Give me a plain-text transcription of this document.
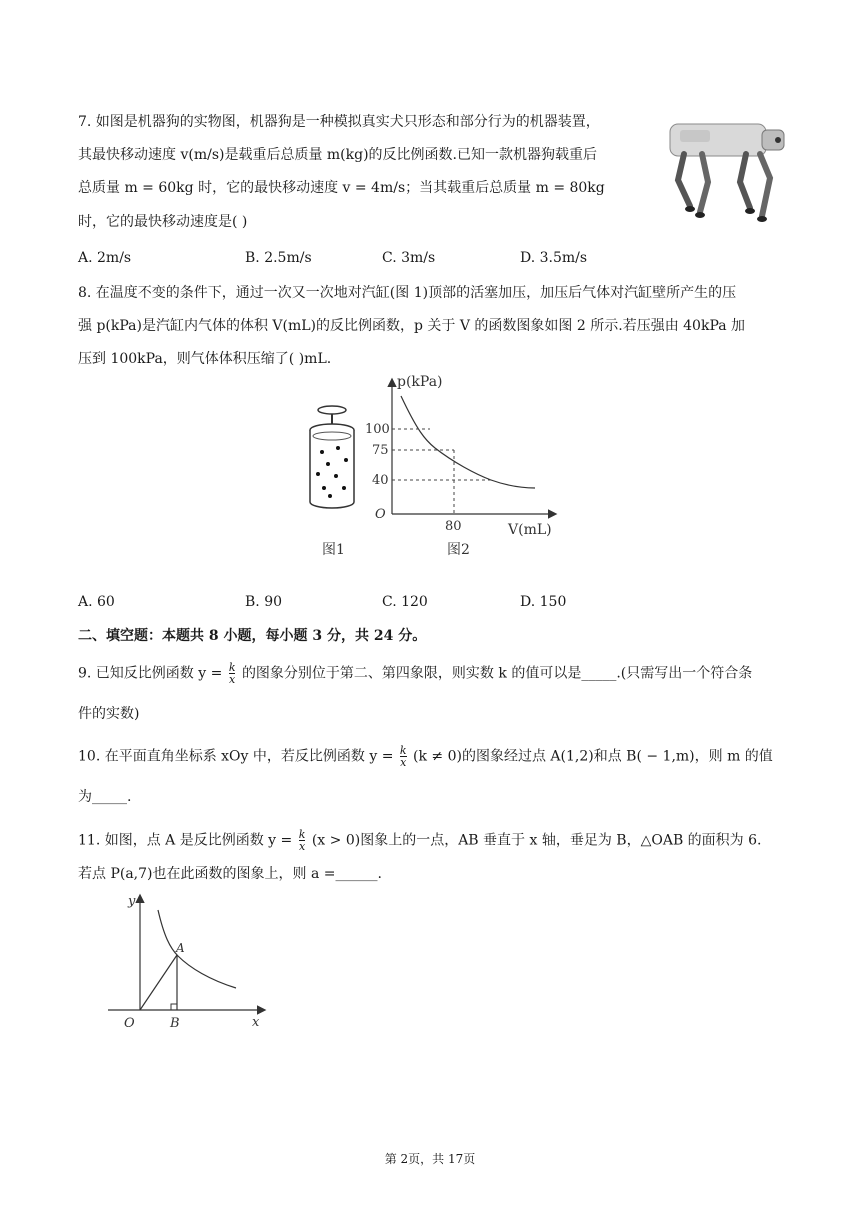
7. 如图是机器狗的实物图，机器狗是一种模拟真实犬只形态和部分行为的机器装置，
其最快移动速度 v(m/s)是载重后总质量 m(kg)的反比例函数.已知一款机器狗载重后
总质量 m = 60kg 时，它的最快移动速度 v = 4m/s；当其载重后总质量 m = 80kg
时，它的最快移动速度是( )
A. 2m/s	B. 2.5m/s	C. 3m/s	D. 3.5m/s
8. 在温度不变的条件下，通过一次又一次地对汽缸(图 1)顶部的活塞加压，加压后气体对汽缸壁所产生的压
强 p(kPa)是汽缸内气体的体积 V(mL)的反比例函数，p 关于 V 的函数图象如图 2 所示.若压强由 40kPa 加
压到 100kPa，则气体体积压缩了( )mL.
图1
p(kPa)
V(mL)
100
75
40
80
O
图2
A. 60	B. 90	C. 120	D. 150
二、填空题：本题共 8 小题，每小题 3 分，共 24 分。
9. 已知反比例函数 $y = \frac{k}{x}$ 的图象分别位于第二、第四象限，则实数 k 的值可以是_____.(只需写出一个符合条
件的实数)
10. 在平面直角坐标系 xOy 中，若反比例函数 $y = \frac{k}{x} (k \ne 0)$的图象经过点 A(1,2)和点 B( − 1,m)，则 m 的值
为_____.
11. 如图，点 A 是反比例函数 $y = \frac{k}{x} (x > 0)$图象上的一点，AB 垂直于 x 轴，垂足为 B，△OAB 的面积为 6.
若点 P(a,7)也在此函数的图象上，则 a =______.
y
x
O
A
B
第 2页，共 17页
